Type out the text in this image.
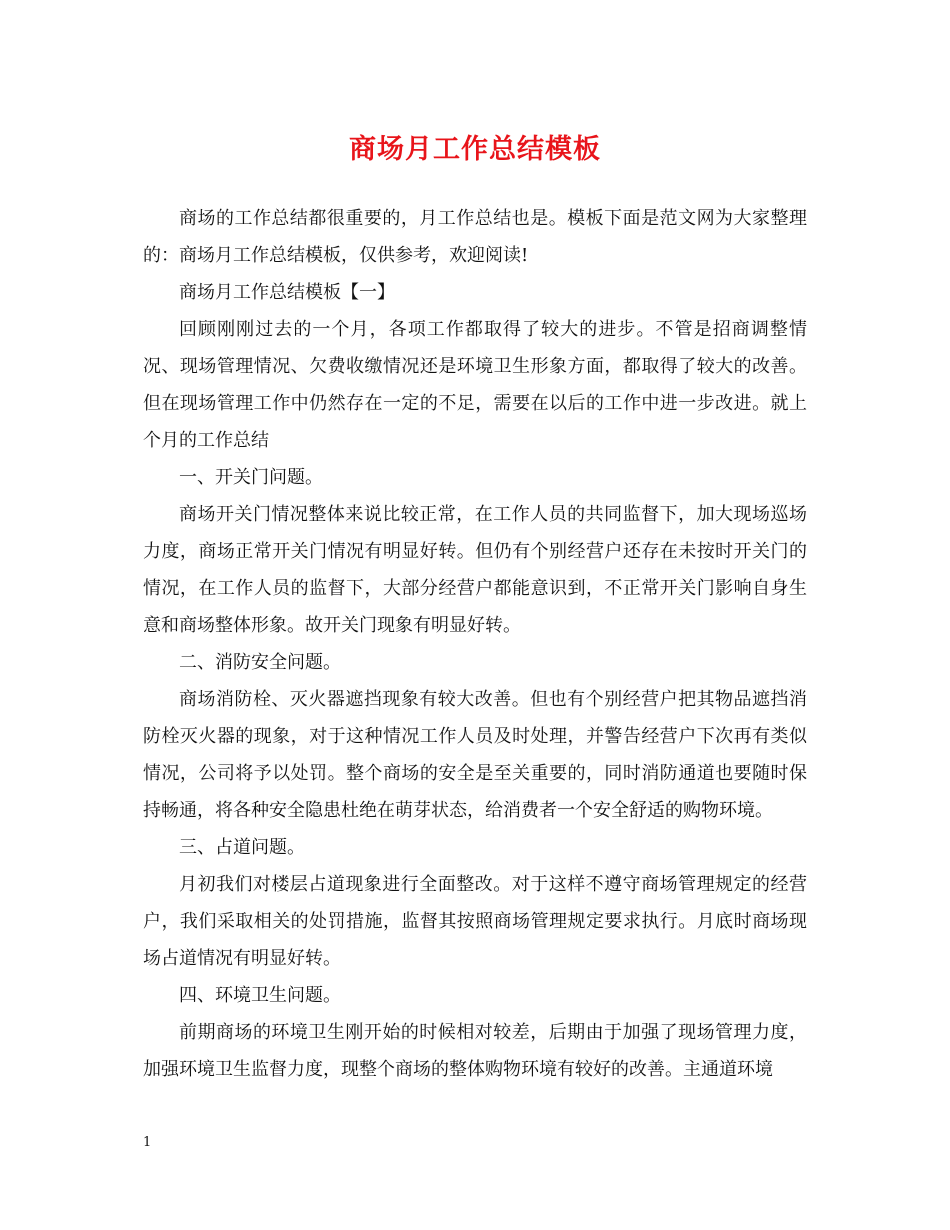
商场月工作总结模板

商场的工作总结都很重要的，月工作总结也是。模板下面是范文网为大家整理的：商场月工作总结模板，仅供参考，欢迎阅读!

商场月工作总结模板【一】

回顾刚刚过去的一个月，各项工作都取得了较大的进步。不管是招商调整情况、现场管理情况、欠费收缴情况还是环境卫生形象方面，都取得了较大的改善。但在现场管理工作中仍然存在一定的不足，需要在以后的工作中进一步改进。就上个月的工作总结

一、开关门问题。

商场开关门情况整体来说比较正常，在工作人员的共同监督下，加大现场巡场力度，商场正常开关门情况有明显好转。但仍有个别经营户还存在未按时开关门的情况，在工作人员的监督下，大部分经营户都能意识到，不正常开关门影响自身生意和商场整体形象。故开关门现象有明显好转。

二、消防安全问题。

商场消防栓、灭火器遮挡现象有较大改善。但也有个别经营户把其物品遮挡消防栓灭火器的现象，对于这种情况工作人员及时处理，并警告经营户下次再有类似情况，公司将予以处罚。整个商场的安全是至关重要的，同时消防通道也要随时保持畅通，将各种安全隐患杜绝在萌芽状态，给消费者一个安全舒适的购物环境。

三、占道问题。

月初我们对楼层占道现象进行全面整改。对于这样不遵守商场管理规定的经营户，我们采取相关的处罚措施，监督其按照商场管理规定要求执行。月底时商场现场占道情况有明显好转。

四、环境卫生问题。

前期商场的环境卫生刚开始的时候相对较差，后期由于加强了现场管理力度，加强环境卫生监督力度，现整个商场的整体购物环境有较好的改善。主通道环境

1
